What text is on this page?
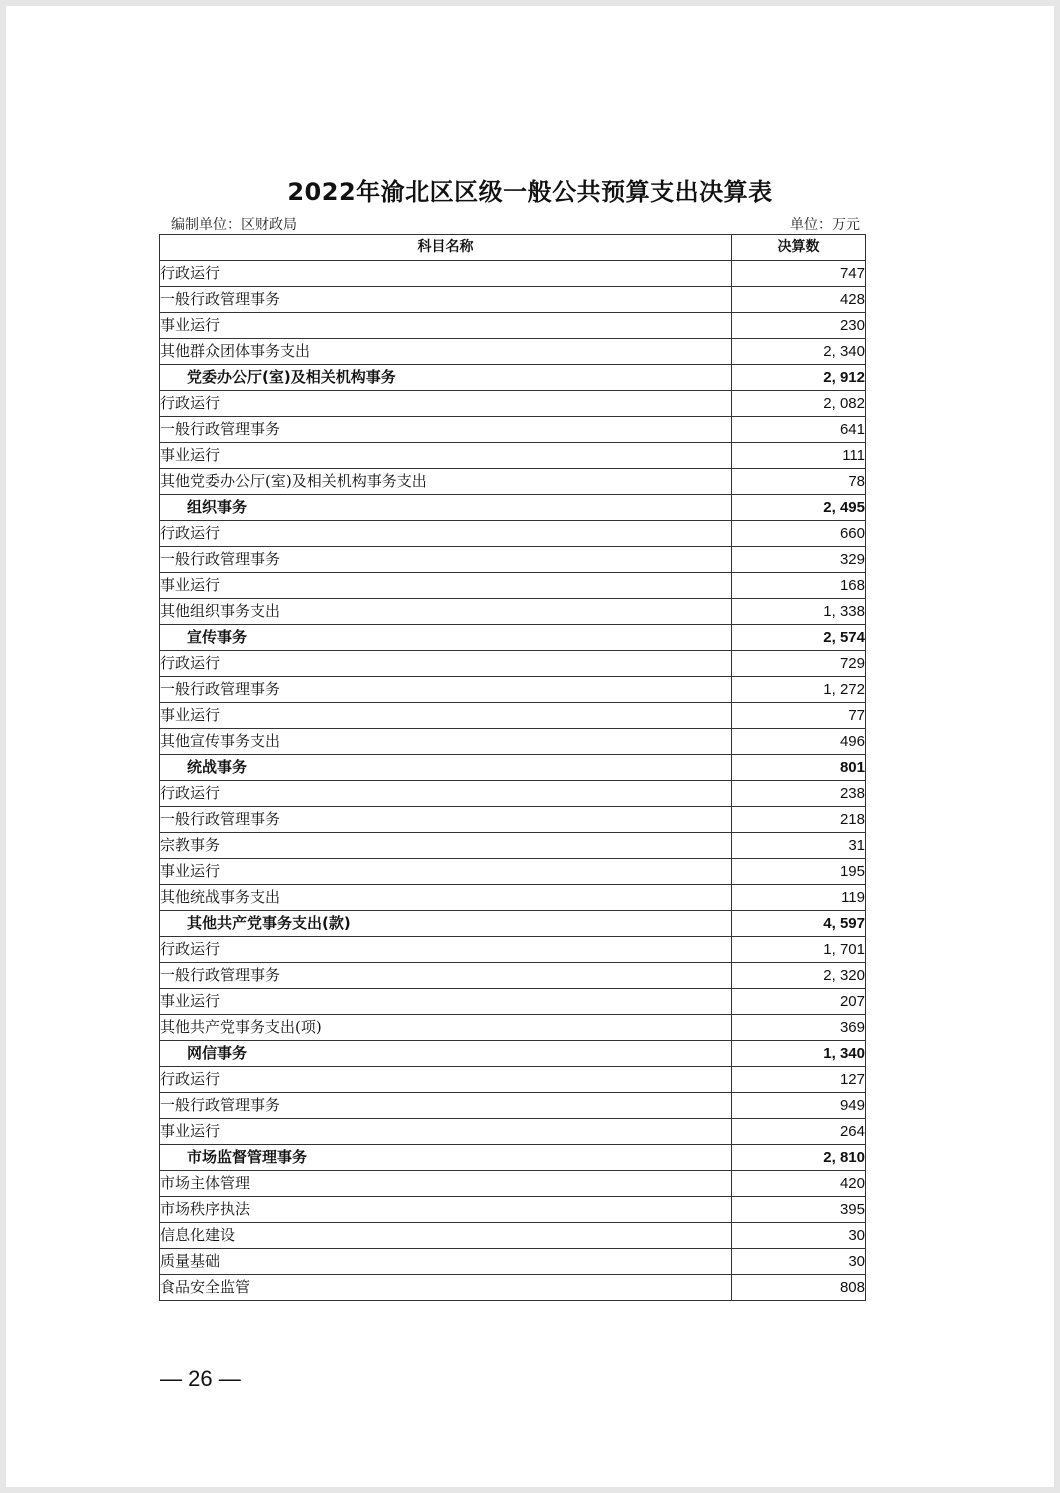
2022年渝北区区级一般公共预算支出决算表
编制单位：区财政局	单位：万元
科目名称	决算数
行政运行	747
一般行政管理事务	428
事业运行	230
其他群众团体事务支出	2, 340
党委办公厅(室)及相关机构事务	2, 912
行政运行	2, 082
一般行政管理事务	641
事业运行	111
其他党委办公厅(室)及相关机构事务支出	78
组织事务	2, 495
行政运行	660
一般行政管理事务	329
事业运行	168
其他组织事务支出	1, 338
宣传事务	2, 574
行政运行	729
一般行政管理事务	1, 272
事业运行	77
其他宣传事务支出	496
统战事务	801
行政运行	238
一般行政管理事务	218
宗教事务	31
事业运行	195
其他统战事务支出	119
其他共产党事务支出(款)	4, 597
行政运行	1, 701
一般行政管理事务	2, 320
事业运行	207
其他共产党事务支出(项)	369
网信事务	1, 340
行政运行	127
一般行政管理事务	949
事业运行	264
市场监督管理事务	2, 810
市场主体管理	420
市场秩序执法	395
信息化建设	30
质量基础	30
食品安全监管	808
— 26 —
